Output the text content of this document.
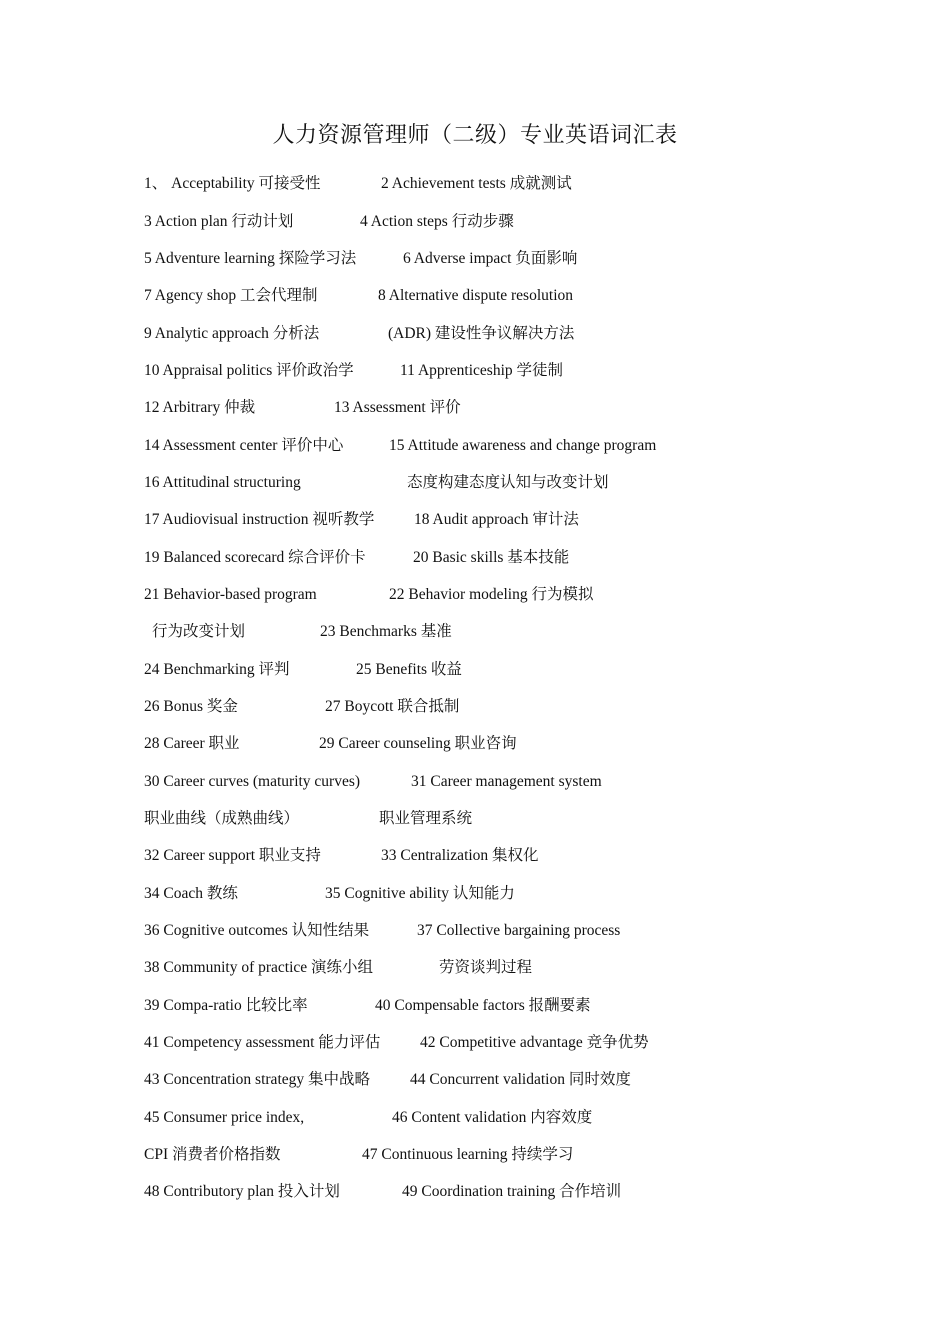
人力资源管理师（二级）专业英语词汇表
1、 Acceptability 可接受性	2 Achievement tests 成就测试
3 Action plan 行动计划	4 Action steps 行动步骤
5 Adventure learning 探险学习法	6 Adverse impact 负面影响
7 Agency shop 工会代理制	8 Alternative dispute resolution
9 Analytic approach 分析法	(ADR) 建设性争议解决方法
10 Appraisal politics 评价政治学	11 Apprenticeship 学徒制
12 Arbitrary 仲裁	13 Assessment 评价
14 Assessment center 评价中心	15 Attitude awareness and change program
16 Attitudinal structuring	态度构建态度认知与改变计划
17 Audiovisual instruction 视听教学	18 Audit approach 审计法
19 Balanced scorecard 综合评价卡	20 Basic skills 基本技能
21 Behavior-based program	22 Behavior modeling 行为模拟
行为改变计划	23 Benchmarks 基准
24 Benchmarking 评判	25 Benefits 收益
26 Bonus 奖金	27 Boycott 联合抵制
28 Career 职业	29 Career counseling 职业咨询
30 Career curves (maturity curves)	31 Career management system
职业曲线（成熟曲线）	职业管理系统
32 Career support 职业支持	33 Centralization 集权化
34 Coach 教练	35 Cognitive ability 认知能力
36 Cognitive outcomes 认知性结果	37 Collective bargaining process
38 Community of practice 演练小组	劳资谈判过程
39 Compa-ratio 比较比率	40 Compensable factors 报酬要素
41 Competency assessment 能力评估	42 Competitive advantage 竞争优势
43 Concentration strategy 集中战略	44 Concurrent validation 同时效度
45 Consumer price index,	46 Content validation 内容效度
CPI 消费者价格指数	47 Continuous learning 持续学习
48 Contributory plan 投入计划	49 Coordination training 合作培训
